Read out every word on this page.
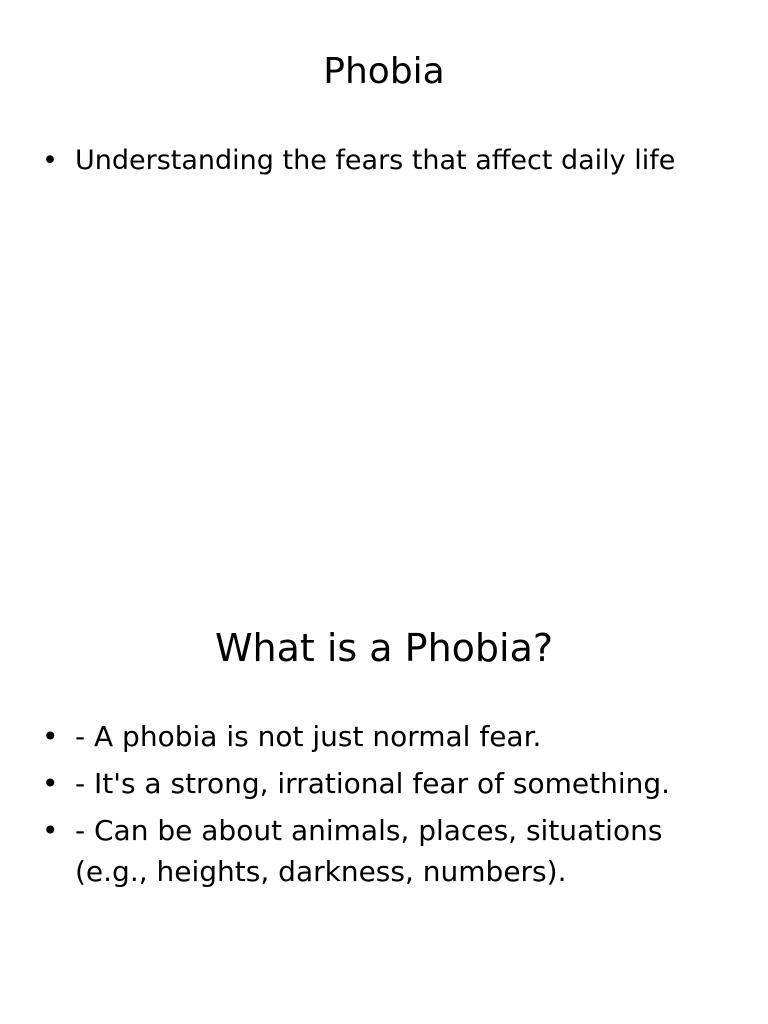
Phobia
• Understanding the fears that affect daily life
What is a Phobia?
• - A phobia is not just normal fear.
• - It's a strong, irrational fear of something.
• - Can be about animals, places, situations (e.g., heights, darkness, numbers).
